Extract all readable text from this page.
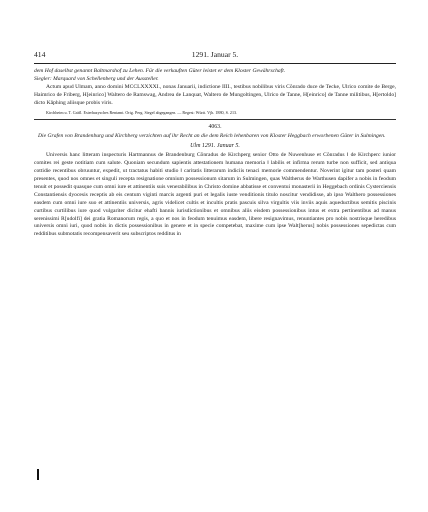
414	1291. Januar 5.

dem Hof daselbst genannt Baltmarshof zu Lehen. Für die verkauften Güter leistet er dem Kloster Gewährschaft.

Siegler: Marquard von Schellenberg und der Aussteller.

Actum apud Ulmam, anno domini MCCLXXXXI., nonas Januarii, indictione IIII., testibus nobilibus viris Cŏnrado duce de Tecke, Ulrico comite de Berge, Haimrico de Friberg, H[einrico] Waltero de Ramswag, Andrea de Lanquat, Waltero de Mungoltingen, Ulrico de Tanne, H[einrico] de Tanne militibus, H[ertoldo] dicto Kåphing aliisque probis viris.

Kirchheim u. T. Gräfl. Esterhazysches Rentamt. Orig. Perg. Siegel abgegangen. — Regest: Württ. Vjh. 1880, S. 213.

4063.

Die Grafen von Brandenburg und Kirchberg verzichten auf ihr Recht an die dem Reich lehenbaren von Kloster Heggbach erworbenen Güter in Sulmingen.

Ulm 1291. Januar 5.

Universis hanc litteram inspecturis Hartmannus de Brandenburg Cŏnradus de Kirchperg senior Otto de Nuwenhuse et Cŏnradus ‖ de Kirchperc iunior comites rei geste notitiam cum salute. Quoniam secundum sapientis attestationem humana memoria ‖ labilis et infirma rerum turbe non sufficit, sed antiqua cottidie recentibus obruuntur, expedit, ut tractatus habiti studio ‖ caritatis litterarum indiciis tenaci memorie commendentur. Noverint igitur tam posteri quam presentes, quod nos omnes et singuli recepta resignatione omnium possessionum sitarum in Sulmingen, quas Waltherus de Warthusen dapifer a nobis in feodum tenuit et possedit quasque cum omni iure et attinentiis suis venerabilibus in Christo domine abbatisse et conventui monasterii in Heggebach ordinis Cysterciensis Constantiensis dyocesis receptis ab eis centum viginti marcis argenti puri et legalis iuste venditionis titulo noscitur vendidisse, ab ipso Walthero possessiones easdem cum omni iure suo et attinentiis universis, agris videlicet cultis et incultis pratis pascuis silva virgultis viis inviis aquis aqueductibus semitis piscinis curtibus curtilibus iure quod vulgariter dicitur ehafti bannis iurisdictionibus et omnibus aliis eisdem possessionibus intus et extra pertinentibus ad manus serenissimi R[udolfi] dei gratia Romanorum regis, a quo et nos in feodum tenuimus easdem, libere resignavimus, renuntiantes pro nobis nostrisque heredibus universis omni iuri, quod nobis in dictis possessionibus in genere et in specie competebat, maxime cum ipse Walt[herus] nobis possessiones sepedictas cum redditibus submotatis recompensaverit seu subscriptos redditus in
